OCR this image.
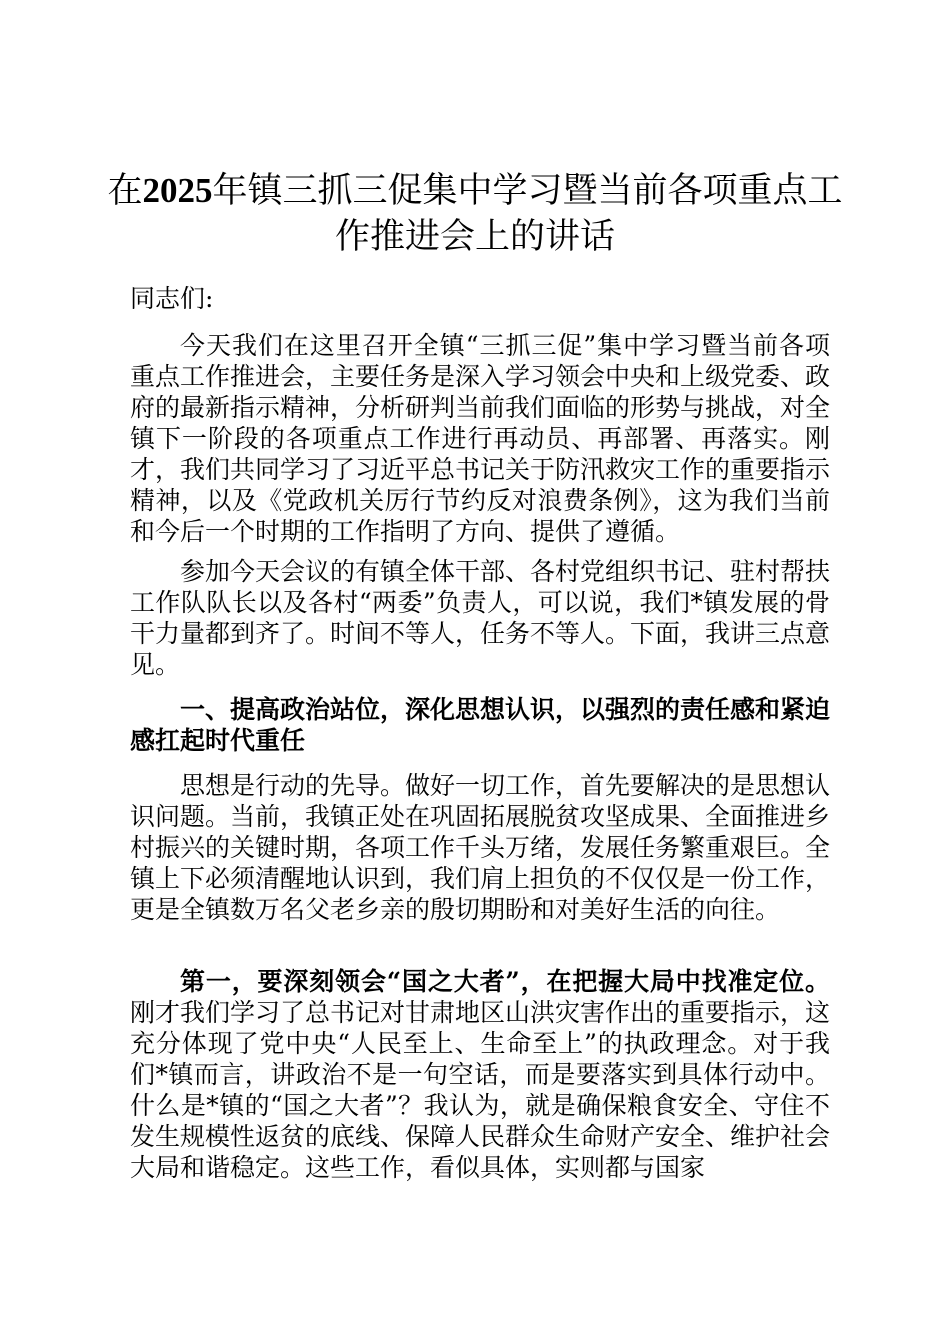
在2025年镇三抓三促集中学习暨当前各项重点工作推进会上的讲话

同志们:

今天我们在这里召开全镇“三抓三促”集中学习暨当前各项重点工作推进会，主要任务是深入学习领会中央和上级党委、政府的最新指示精神，分析研判当前我们面临的形势与挑战，对全镇下一阶段的各项重点工作进行再动员、再部署、再落实。刚才，我们共同学习了习近平总书记关于防汛救灾工作的重要指示精神，以及《党政机关厉行节约反对浪费条例》，这为我们当前和今后一个时期的工作指明了方向、提供了遵循。

参加今天会议的有镇全体干部、各村党组织书记、驻村帮扶工作队队长以及各村“两委”负责人，可以说，我们*镇发展的骨干力量都到齐了。时间不等人，任务不等人。下面，我讲三点意见。

一、提高政治站位，深化思想认识，以强烈的责任感和紧迫感扛起时代重任

思想是行动的先导。做好一切工作，首先要解决的是思想认识问题。当前，我镇正处在巩固拓展脱贫攻坚成果、全面推进乡村振兴的关键时期，各项工作千头万绪，发展任务繁重艰巨。全镇上下必须清醒地认识到，我们肩上担负的不仅仅是一份工作，更是全镇数万名父老乡亲的殷切期盼和对美好生活的向往。

第一，要深刻领会“国之大者”，在把握大局中找准定位。刚才我们学习了总书记对甘肃地区山洪灾害作出的重要指示，这充分体现了党中央“人民至上、生命至上”的执政理念。对于我们*镇而言，讲政治不是一句空话，而是要落实到具体行动中。什么是*镇的“国之大者”？我认为，就是确保粮食安全、守住不发生规模性返贫的底线、保障人民群众生命财产安全、维护社会大局和谐稳定。这些工作，看似具体，实则都与国家
